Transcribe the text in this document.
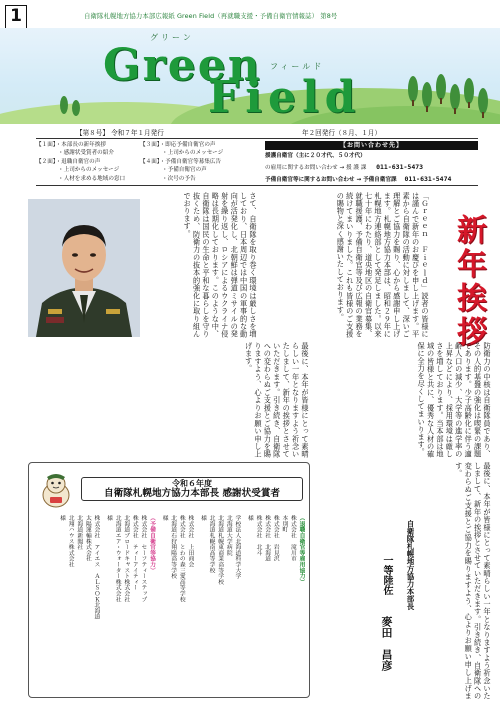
1	自衛隊札幌地方協力本部広報紙 Green Field（再就職支援・予備自衛官情報誌） 第8号
グリーン
Green フィールド
Field
【第８号】 令和７年１月発行	年２回発行（８月、１月）
【１面】・本部長の新年挨拶	【３面】・即応予備自衛官の声
・感謝状受賞者の紹介	・上司からのメッセージ
【２面】・退職自衛官の声	【４面】・予備自衛官等募集広告
・上司からのメッセージ	・予備自衛官の声
・人材を求める地域の窓口	・次号の予告
【お問い合わせ先】
援護自衛官（主に２０才代、５０才代）
の雇用に関するお問い合わせ → 援 護 課 011-631-5473
予備自衛官等に関するお問い合わせ → 予備自衛官課 011-631-5474
新年挨拶
「Ｇｒｅｅｎ　Ｆｉｅｌｄ」読者の皆様には謹んで新年のお慶びを申し上げます。平素から自衛隊の活動に対しまして、深いご理解とご協力を賜り、心から感謝申し上げます。札幌地方協力本部は、昭和２９年に札幌地方連絡部として発足しました。以来七十年にわたり、道央地区の自衛官募集、就職援護、予備自衛官等及び広報の業務を続けてまいりました。これも皆様のご支援の賜物と深く感謝いたしております。
さて、自衛隊を取り巻く環境は厳しさを増しており、日本周辺では中国の軍事的な動向が活発化し、北朝鮮は弾道ミサイルの発射を繰り返し、ロシアによるウクライナ侵略は長期化しております。このような中、自衛隊は国民の生命と平和な暮らしを守り抜くため、防衛力の抜本的強化に取り組んでおります。
防衛力の中核は自衛隊員であり、その人的基盤の強化は喫緊の課題であります。少子高齢化に伴う適齢人口の減少、大学等の進学率の上昇などにより、採用環境は厳しさを増しております。当本部は地域の皆様と共に、優秀な人材の確保に全力を尽くしてまいります。
最後に、本年が皆様にとって素晴らしい一年となりますよう祈念いたしまして、新年の挨拶とさせていただきます。引き続き、自衛隊への変わらぬご支援とご協力を賜りますよう、心よりお願い申し上げます。
最後に、本年が皆様にとって素晴らしい一年となりますよう祈念いたしまして、新年の挨拶とさせていただきます。引き続き、自衛隊への変わらぬご支援とご協力を賜りますよう、心よりお願い申し上げます。
自衛隊札幌地方協力本部長
一等陸佐
麥田　昌彦
令和６年度
自衛隊札幌地方協力本部長 感謝状受賞者
（退職自衛官等雇用協力）
株式会社　滝川市
本別町
株式会社　岩見沢
株式会社　北海道
株式会社　北斗
様
学校法人北海道科学大学
北海道大学病院
北海道札幌東商業高等学校
北海道札幌南高等学校
様
株式会社　上田商会
株式会社　とわの森三愛高等学校
北海道石狩翔陽高等学校
様
（予備自衛官等協力）
株式会社　セーフティーステップ
株式会社　ティーアイティー
北海道ブロードキャスト株式会社
北海道エア・ウォーター株式会社
様
株式会社　アイエス　ＡＬＳＯＫ北海道
太陽運輸株式会社
北海道新聞社
北翔ハウス株式会社
様
